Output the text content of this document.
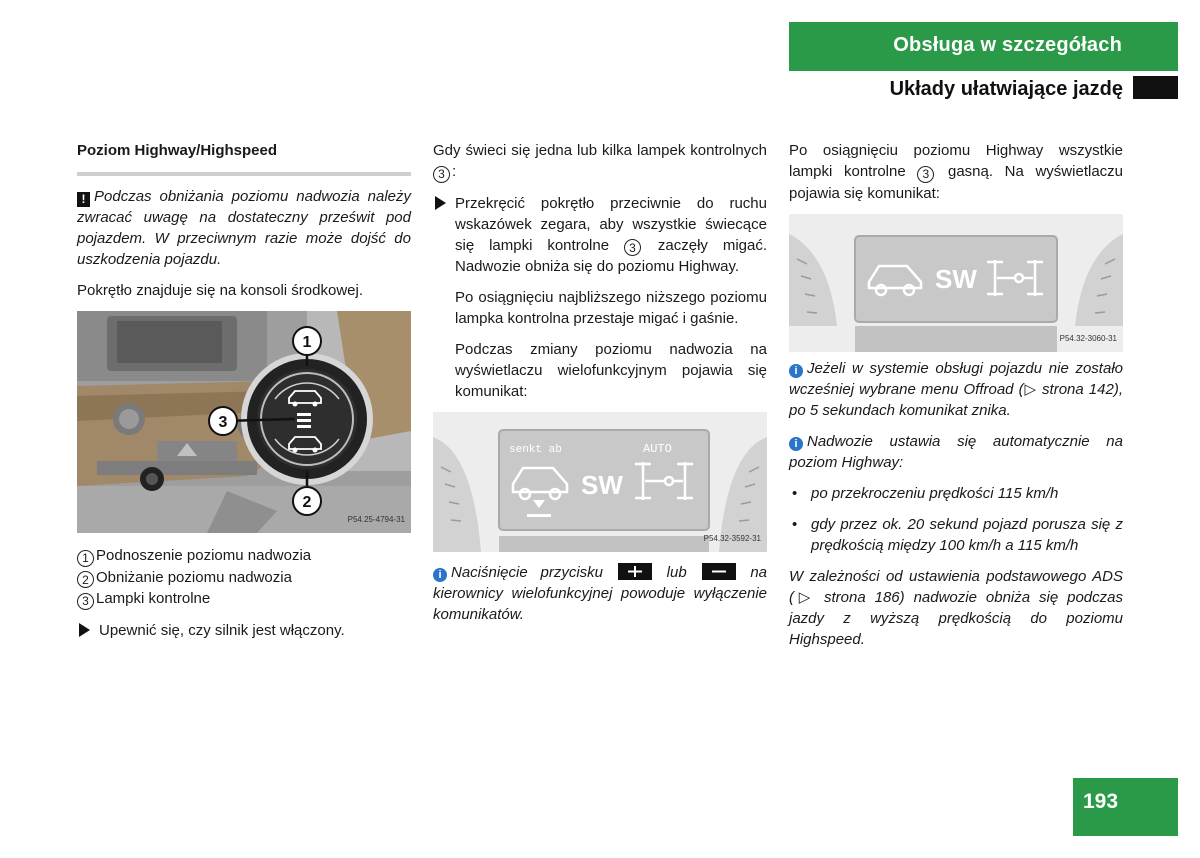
Obsługa w szczegółach
Układy ułatwiające jazdę
Poziom Highway/Highspeed

! Podczas obniżania poziomu nadwozia należy zwracać uwagę na dostateczny prześwit pod pojazdem. W przeciwnym razie może dojść do uszkodzenia pojazdu.

Pokrętło znajduje się na konsoli środkowej.

1
2
3
P54.25-4794-31
1 Podnoszenie poziomu nadwozia
2 Obniżanie poziomu nadwozia
3 Lampki kontrolne

Upewnić się, czy silnik jest włączony.

Gdy świeci się jedna lub kilka lampek kontrolnych 3 :

Przekręcić pokrętło przeciwnie do ruchu wskazówek zegara, aby wszystkie świecące się lampki kontrolne 3 zaczęły migać. Nadwozie obniża się do poziomu Highway.

Po osiągnięciu najbliższego niższego poziomu lampka kontrolna przestaje migać i gaśnie.

Podczas zmiany poziomu nadwozia na wyświetlaczu wielofunkcyjnym pojawia się komunikat:

senkt ab	AUTO
SW
P54.32-3592-31

i Naciśnięcie przycisku	lub	na kierownicy wielofunkcyjnej powoduje wyłączenie komunikatów.

Po osiągnięciu poziomu Highway wszystkie lampki kontrolne 3 gasną. Na wyświetlaczu pojawia się komunikat:

SW
P54.32-3060-31

i Jeżeli w systemie obsługi pojazdu nie zostało wcześniej wybrane menu Offroad (▷ strona 142), po 5 sekundach komunikat znika.

i Nadwozie ustawia się automatycznie na poziom Highway:

• po przekroczeniu prędkości 115 km/h

• gdy przez ok. 20 sekund pojazd porusza się z prędkością między 100 km/h a 115 km/h

W zależności od ustawienia podstawowego ADS (▷ strona 186) nadwozie obniża się podczas jazdy z wyższą prędkością do poziomu Highspeed.

193
